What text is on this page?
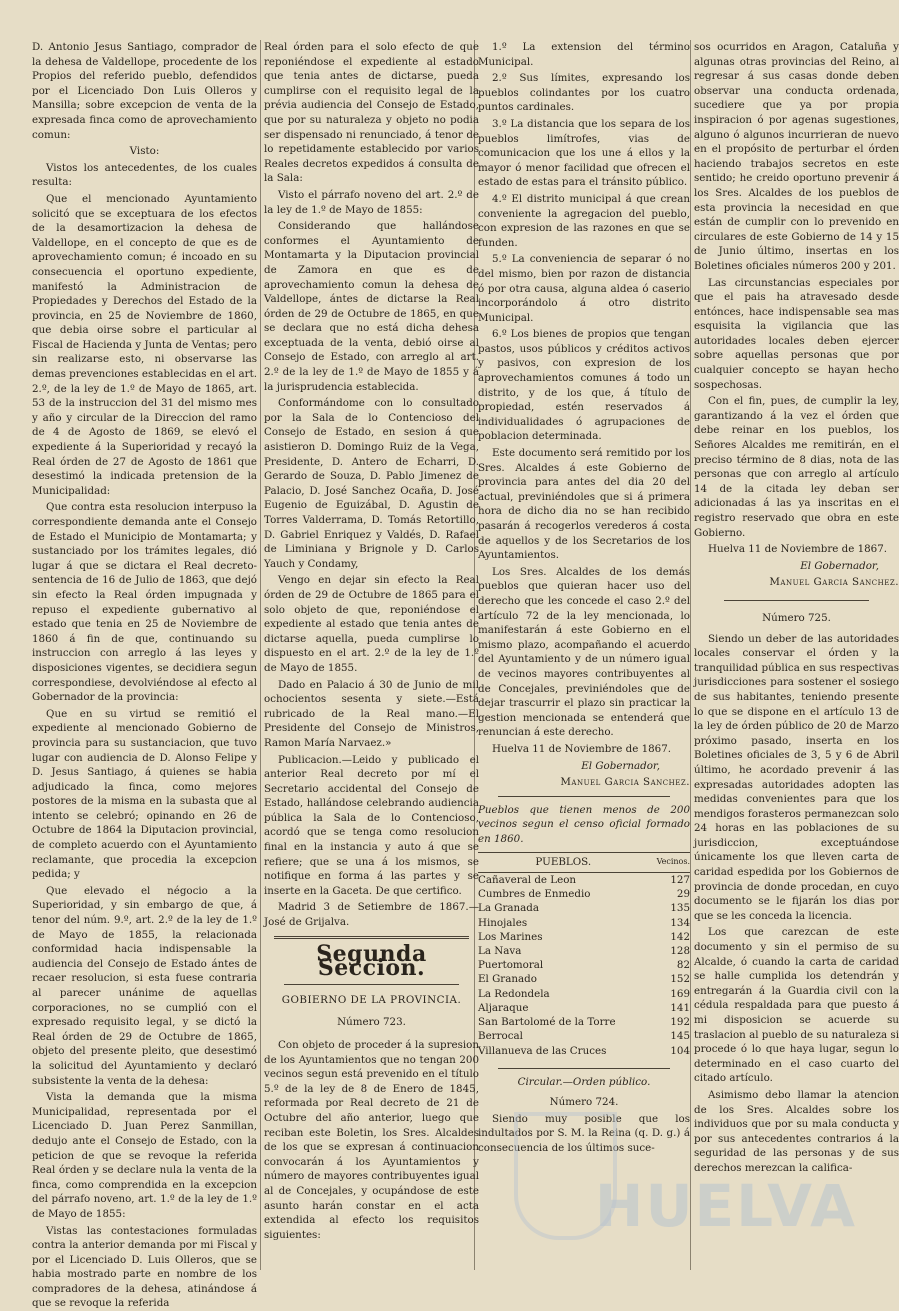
D. Antonio Jesus Santiago, comprador de la dehesa de Valdellope, procedente de los Propios del referido pueblo, defendidos por el Licenciado Don Luis Olleros y Mansilla; sobre excepcion de venta de la expresada finca como de aprovechamiento comun:

Visto:

Vistos los antecedentes, de los cuales resulta:

Que el mencionado Ayuntamiento solicitó que se exceptuara de los efectos de la desamortizacion la dehesa de Valdellope, en el concepto de que es de aprovechamiento comun; é incoado en su consecuencia el oportuno expediente, manifestó la Administracion de Propiedades y Derechos del Estado de la provincia, en 25 de Noviembre de 1860, que debia oirse sobre el particular al Fiscal de Hacienda y Junta de Ventas; pero sin realizarse esto, ni observarse las demas prevenciones establecidas en el art. 2.º, de la ley de 1.º de Mayo de 1865, art. 53 de la instruccion del 31 del mismo mes y año y circular de la Direccion del ramo de 4 de Agosto de 1869, se elevó el expediente á la Superioridad y recayó la Real órden de 27 de Agosto de 1861 que desestimó la indicada pretension de la Municipalidad:

Que contra esta resolucion interpuso la correspondiente demanda ante el Consejo de Estado el Municipio de Montamarta; y sustanciado por los trámites legales, dió lugar á que se dictara el Real decreto-sentencia de 16 de Julio de 1863, que dejó sin efecto la Real órden impugnada y repuso el expediente gubernativo al estado que tenia en 25 de Noviembre de 1860 á fin de que, continuando su instruccion con arreglo á las leyes y disposiciones vigentes, se decidiera segun correspondiese, devolviéndose al efecto al Gobernador de la provincia:

Que en su virtud se remitió el expediente al mencionado Gobierno de provincia para su sustanciacion, que tuvo lugar con audiencia de D. Alonso Felipe y D. Jesus Santiago, á quienes se habia adjudicado la finca, como mejores postores de la misma en la subasta que al intento se celebró; opinando en 26 de Octubre de 1864 la Diputacion provincial, de completo acuerdo con el Ayuntamiento reclamante, que procedia la excepcion pedida; y

Que elevado el négocio a la Superioridad, y sin embargo de que, á tenor del núm. 9.º, art. 2.º de la ley de 1.º de Mayo de 1855, la relacionada conformidad hacia indispensable la audiencia del Consejo de Estado ántes de recaer resolucion, si esta fuese contraria al parecer unánime de aquellas corporaciones, no se cumplió con el expresado requisito legal, y se dictó la Real órden de 29 de Octubre de 1865, objeto del presente pleito, que desestimó la solicitud del Ayuntamiento y declaró subsistente la venta de la dehesa:

Vista la demanda que la misma Municipalidad, representada por el Licenciado D. Juan Perez Sanmillan, dedujo ante el Consejo de Estado, con la peticion de que se revoque la referida Real órden y se declare nula la venta de la finca, como comprendida en la excepcion del párrafo noveno, art. 1.º de la ley de 1.º de Mayo de 1855:

Vistas las contestaciones formuladas contra la anterior demanda por mi Fiscal y por el Licenciado D. Luis Olleros, que se habia mostrado parte en nombre de los compradores de la dehesa, atinándose á que se revoque la referida

Real órden para el solo efecto de que reponiéndose el expediente al estado que tenia antes de dictarse, pueda cumplirse con el requisito legal de la prévia audiencia del Consejo de Estado, que por su naturaleza y objeto no podia ser dispensado ni renunciado, á tenor de lo repetidamente establecido por varios Reales decretos expedidos á consulta de la Sala:

Visto el párrafo noveno del art. 2.º de la ley de 1.º de Mayo de 1855:

Considerando que hallándose conformes el Ayuntamiento de Montamarta y la Diputacion provincial de Zamora en que es de aprovechamiento comun la dehesa de Valdellope, ántes de dictarse la Real órden de 29 de Octubre de 1865, en que se declara que no está dicha dehesa exceptuada de la venta, debió oirse al Consejo de Estado, con arreglo al art. 2.º de la ley de 1.º de Mayo de 1855 y á la jurisprudencia establecida.

Conformándome con lo consultado por la Sala de lo Contencioso del Consejo de Estado, en sesion á que asistieron D. Domingo Ruiz de la Vega, Presidente, D. Antero de Echarri, D. Gerardo de Souza, D. Pablo Jimenez de Palacio, D. José Sanchez Ocaña, D. José Eugenio de Eguizábal, D. Agustin de Torres Valderrama, D. Tomás Retortillo, D. Gabriel Enriquez y Valdés, D. Rafael de Liminiana y Brignole y D. Carlos Yauch y Condamy,

Vengo en dejar sin efecto la Real órden de 29 de Octubre de 1865 para el solo objeto de que, reponiéndose el expediente al estado que tenia antes de dictarse aquella, pueda cumplirse lo dispuesto en el art. 2.º de la ley de 1.º de Mayo de 1855.

Dado en Palacio á 30 de Junio de mil ochocientos sesenta y siete.—Está rubricado de la Real mano.—El Presidente del Consejo de Ministros, Ramon María Narvaez.»

Publicacion.—Leido y publicado el anterior Real decreto por mí el Secretario accidental del Consejo de Estado, hallándose celebrando audiencia pública la Sala de lo Contencioso, acordó que se tenga como resolucion final en la instancia y auto á que se refiere; que se una á los mismos, se notifique en forma á las partes y se inserte en la Gaceta. De que certifico.

Madrid 3 de Setiembre de 1867.—José de Grijalva.

Segunda Seccion.

GOBIERNO DE LA PROVINCIA.

Número 723.

Con objeto de proceder á la supresion de los Ayuntamientos que no tengan 200 vecinos segun está prevenido en el título 5.º de la ley de 8 de Enero de 1845, reformada por Real decreto de 21 de Octubre del año anterior, luego que reciban este Boletin, los Sres. Alcaldes de los que se expresan á continuacion convocarán á los Ayuntamientos y número de mayores contribuyentes igual al de Concejales, y ocupándose de este asunto harán constar en el acta extendida al efecto los requisitos siguientes:

1.º La extension del término Municipal.

2.º Sus límites, expresando los pueblos colindantes por los cuatro puntos cardinales.

3.º La distancia que los separa de los pueblos limítrofes, vias de comunicacion que los une á ellos y la mayor ó menor facilidad que ofrecen el estado de estas para el tránsito público.

4.º El distrito municipal á que crean conveniente la agregacion del pueblo, con expresion de las razones en que se funden.

5.º La conveniencia de separar ó no del mismo, bien por razon de distancia ó por otra causa, alguna aldea ó caserio incorporándolo á otro distrito Municipal.

6.º Los bienes de propios que tengan pastos, usos públicos y créditos activos y pasivos, con expresion de los aprovechamientos comunes á todo un distrito, y de los que, á título de propiedad, estén reservados á individualidades ó agrupaciones de poblacion determinada.

Este documento será remitido por los Sres. Alcaldes á este Gobierno de provincia para antes del dia 20 del actual, previniéndoles que si á primera hora de dicho dia no se han recibido pasarán á recogerlos verederos á costa de aquellos y de los Secretarios de los Ayuntamientos.

Los Sres. Alcaldes de los demás pueblos que quieran hacer uso del derecho que les concede el caso 2.º del artículo 72 de la ley mencionada, lo manifestarán á este Gobierno en el mismo plazo, acompañando el acuerdo del Ayuntamiento y de un número igual de vecinos mayores contribuyentes al de Concejales, previniéndoles que de dejar trascurrir el plazo sin practicar la gestion mencionada se entenderá que renuncian á este derecho.

Huelva 11 de Noviembre de 1867.

El Gobernador,

Manuel Garcia Sanchez.

Pueblos que tienen menos de 200 vecinos segun el censo oficial formado en 1860.

PUEBLOS.	Vecinos.
Cañaveral de Leon	127
Cumbres de Enmedio	29
La Granada	135
Hinojales	134
Los Marines	142
La Nava	128
Puertomoral	82
El Granado	152
La Redondela	169
Aljaraque	141
San Bartolomé de la Torre	192
Berrocal	145
Villanueva de las Cruces	104

Circular.—Orden público.

Número 724.

Siendo muy posible que los indultados por S. M. la Reina (q. D. g.) á consecuencia de los últimos suce-

sos ocurridos en Aragon, Cataluña y algunas otras provincias del Reino, al regresar á sus casas donde deben observar una conducta ordenada, sucediere que ya por propia inspiracion ó por agenas sugestiones, alguno ó algunos incurrieran de nuevo en el propósito de perturbar el órden haciendo trabajos secretos en este sentido; he creido oportuno prevenir á los Sres. Alcaldes de los pueblos de esta provincia la necesidad en que están de cumplir con lo prevenido en circulares de este Gobierno de 14 y 15 de Junio último, insertas en los Boletines oficiales números 200 y 201.

Las circunstancias especiales por que el pais ha atravesado desde entónces, hace indispensable sea mas esquisita la vigilancia que las autoridades locales deben ejercer sobre aquellas personas que por cualquier concepto se hayan hecho sospechosas.

Con el fin, pues, de cumplir la ley, garantizando á la vez el órden que debe reinar en los pueblos, los Señores Alcaldes me remitirán, en el preciso término de 8 dias, nota de las personas que con arreglo al artículo 14 de la citada ley deban ser adicionadas á las ya inscritas en el registro reservado que obra en este Gobierno.

Huelva 11 de Noviembre de 1867.

El Gobernador,

Manuel Garcia Sanchez.

Número 725.

Siendo un deber de las autoridades locales conservar el órden y la tranquilidad pública en sus respectivas jurisdicciones para sostener el sosiego de sus habitantes, teniendo presente lo que se dispone en el artículo 13 de la ley de órden público de 20 de Marzo próximo pasado, inserta en los Boletines oficiales de 3, 5 y 6 de Abril último, he acordado prevenir á las expresadas autoridades adopten las medidas convenientes para que los mendigos forasteros permanezcan solo 24 horas en las poblaciones de su jurisdiccion, exceptuándose únicamente los que lleven carta de caridad espedida por los Gobiernos de provincia de donde procedan, en cuyo documento se le fijarán los dias por que se les conceda la licencia.

Los que carezcan de este documento y sin el permiso de su Alcalde, ó cuando la carta de caridad se halle cumplida los detendrán y entregarán á la Guardia civil con la cédula respaldada para que puesto á mi disposicion se acuerde su traslacion al pueblo de su naturaleza si procede ó lo que haya lugar, segun lo determinado en el caso cuarto del citado artículo.

Asimismo debo llamar la atencion de los Sres. Alcaldes sobre los individuos que por su mala conducta y por sus antecedentes contrarios á la seguridad de las personas y de sus derechos merezcan la califica-

HUELVA
